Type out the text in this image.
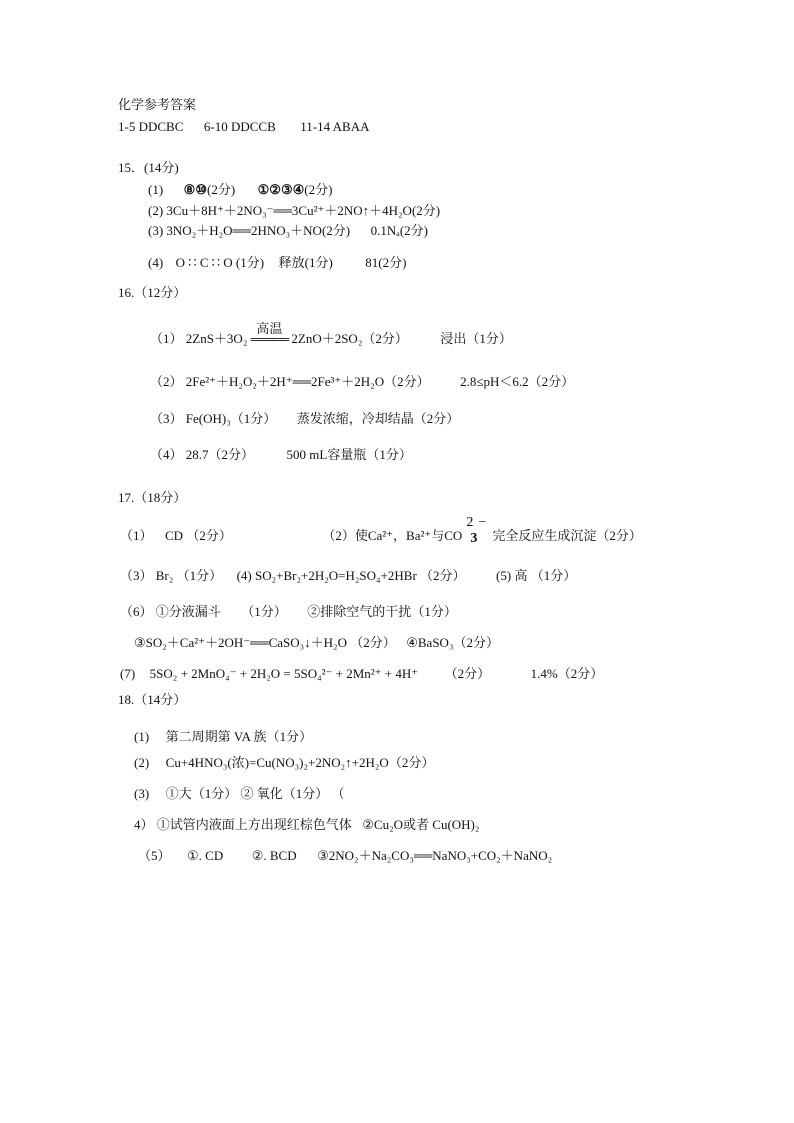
化学参考答案
1-5 DDCBC 6-10 DDCCB 11-14 ABAA
15．(14分)
(1) ⑧⑩(2分) ①②③④(2分)
(2) 3Cu＋8H⁺＋2NO₃⁻══3Cu²⁺＋2NO↑＋4H₂O(2分)
(3) 3NO₂＋H₂O══2HNO₃＋NO(2分) 0.1Nₐ(2分)
(4) O ∷ C ∷ O (1分) 释放(1分)	81(2分)
16.（12分）
（1） 2ZnS＋3O₂
高温
═════ 2ZnO＋2SO₂（2分）	浸出（1分）
（2） 2Fe²⁺＋H₂O₂＋2H⁺══2Fe³⁺＋2H₂O（2分） 2.8≤pH＜6.2（2分）
（3） Fe(OH)₃（1分） 蒸发浓缩，冷却结晶（2分）
（4） 28.7（2分）	500 mL容量瓶（1分）
17.（18分）
（1） CD （2分）	（2）使Ca²⁺，Ba²⁺与CO
2
3
−
完全反应生成沉淀（2分）
（3） Br₂ （1分） (4) SO₂+Br₂+2H₂O=H₂SO₄+2HBr （2分） (5) 高 （1分）
（6） ①分液漏斗 （1分） ②排除空气的干扰（1分）
③SO₂＋Ca²⁺＋2OH⁻══CaSO₃↓＋H₂O （2分） ④BaSO₃（2分）
(7) 5SO₂ + 2MnO₄⁻ + 2H₂O = 5SO₄²⁻ + 2Mn²⁺ + 4H⁺ （2分）	1.4%（2分）
18.（14分）
(1) 第二周期第 VA 族（1分）
(2) Cu+4HNO₃(浓)=Cu(NO₃)₂+2NO₂↑+2H₂O（2分）
(3) ①大（1分） ② 氧化（1分） （
4） ①试管内液面上方出现红棕色气体 ②Cu₂O或者 Cu(OH)₂
（5） ①. CD ②. BCD ③2NO₂＋Na₂CO₃══NaNO₃+CO₂＋NaNO₂
